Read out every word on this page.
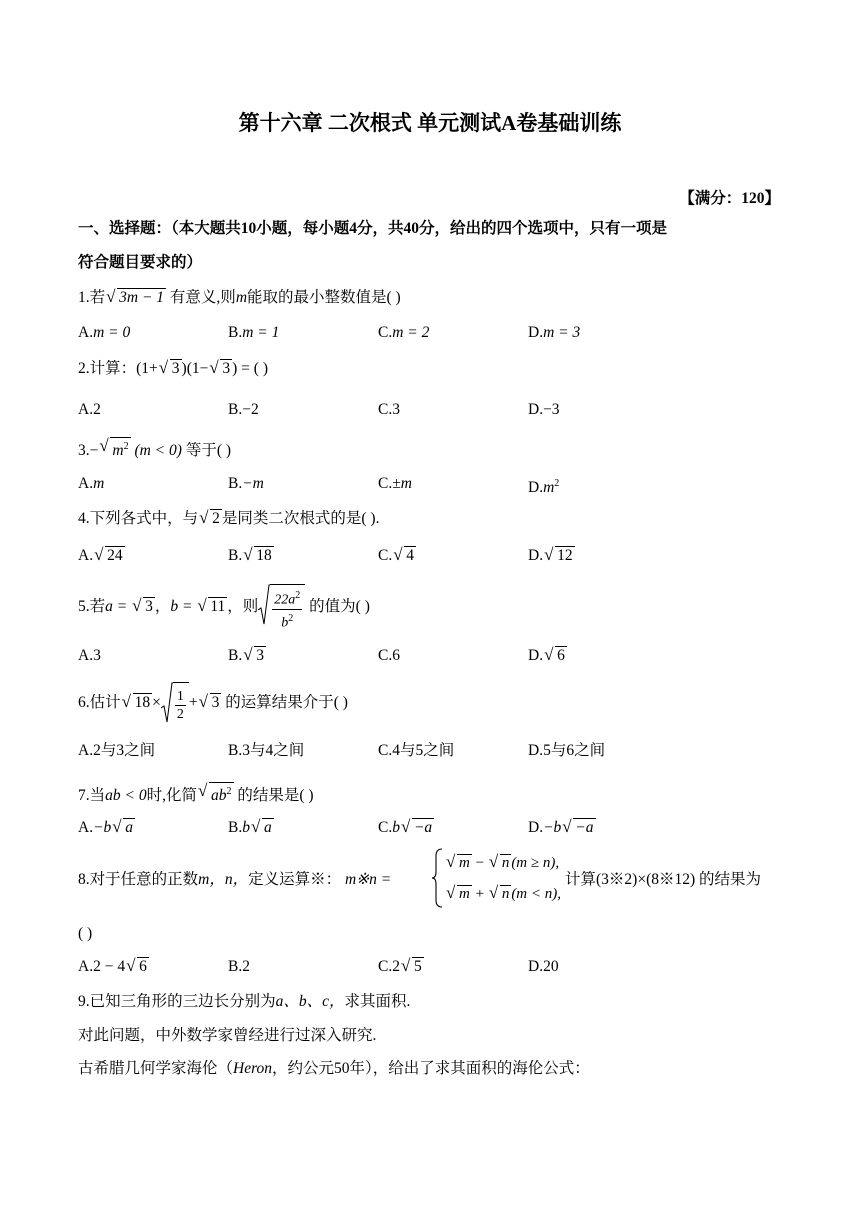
第十六章 二次根式 单元测试A卷基础训练
【满分：120】
一、选择题：（本大题共10小题，每小题4分，共40分，给出的四个选项中，只有一项是
符合题目要求的）
1.若 √ 3m − 1 有意义,则m能取的最小整数值是( )
A.m = 0	B.m = 1	C.m = 2	D.m = 3
2.计算：(1+ √ 3 )(1− √ 3 ) = ( )
A.2	B.−2	C.3	D.−3
3.− √ $m^2$ (m < 0) 等于( )
A.m	B.−m	C.±m	$D.m^2$
4.下列各式中，与 √ 2 是同类二次根式的是( ).
A. √ 24	B. √ 18	C. √ 4	D. √ 12
5.若a = √ 3 ，b = √ 11 ，则 $\frac{22a^2}{b^2}$ 的值为( )
A.3	B. √ 3	C.6	D. √ 6
6.估计 √ $18 \times \frac{1}{2}$ + √ 3 的运算结果介于( )
A.2与3之间	B.3与4之间	C.4与5之间	D.5与6之间
7.当ab < 0时,化简 √ $ab^2$ 的结果是( )
A.−b √ a	B.b √ a	C.b √ −a	D.−b √ −a
8.对于任意的正数m，n，定义运算※： m※n =
√ m − √ n (m ≥ n),
√ m + √ n (m < n),
计算(3※2)×(8※12) 的结果为
( )
A.2 − 4 √ 6	B.2	C.2 √ 5	D.20
9.已知三角形的三边长分别为a、b、c，求其面积.
对此问题，中外数学家曾经进行过深入研究.
古希腊几何学家海伦（Heron，约公元50年），给出了求其面积的海伦公式：
